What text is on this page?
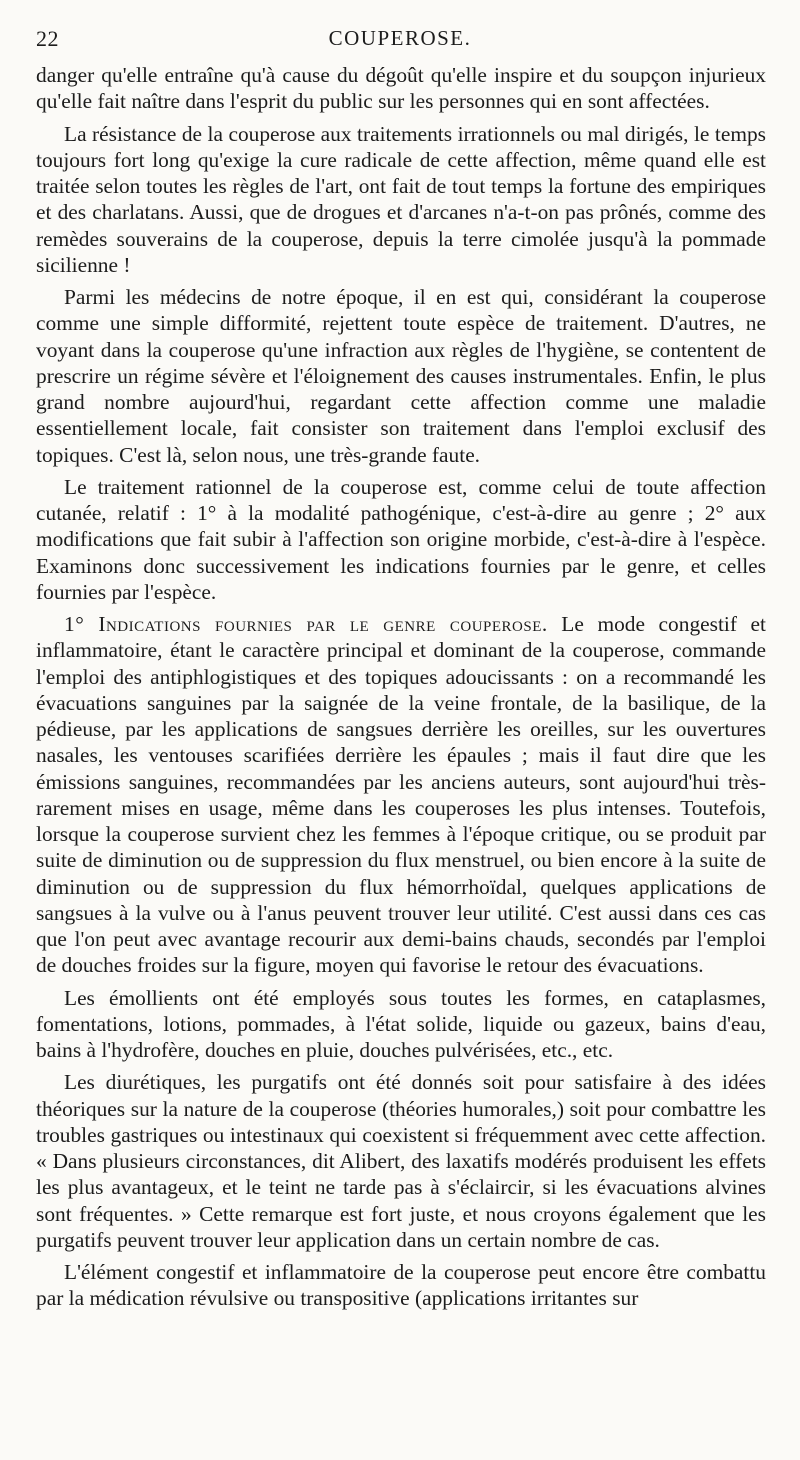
22	COUPEROSE.

danger qu'elle entraîne qu'à cause du dégoût qu'elle inspire et du soupçon injurieux qu'elle fait naître dans l'esprit du public sur les personnes qui en sont affectées.

La résistance de la couperose aux traitements irrationnels ou mal dirigés, le temps toujours fort long qu'exige la cure radicale de cette affection, même quand elle est traitée selon toutes les règles de l'art, ont fait de tout temps la fortune des empiriques et des charlatans. Aussi, que de drogues et d'arcanes n'a-t-on pas prônés, comme des remèdes souverains de la couperose, depuis la terre cimolée jusqu'à la pommade sicilienne !

Parmi les médecins de notre époque, il en est qui, considérant la couperose comme une simple difformité, rejettent toute espèce de traitement. D'autres, ne voyant dans la couperose qu'une infraction aux règles de l'hygiène, se contentent de prescrire un régime sévère et l'éloignement des causes instrumentales. Enfin, le plus grand nombre aujourd'hui, regardant cette affection comme une maladie essentiellement locale, fait consister son traitement dans l'emploi exclusif des topiques. C'est là, selon nous, une très-grande faute.

Le traitement rationnel de la couperose est, comme celui de toute affection cutanée, relatif : 1° à la modalité pathogénique, c'est-à-dire au genre ; 2° aux modifications que fait subir à l'affection son origine morbide, c'est-à-dire à l'espèce. Examinons donc successivement les indications fournies par le genre, et celles fournies par l'espèce.

1° Indications fournies par le genre couperose. Le mode congestif et inflammatoire, étant le caractère principal et dominant de la couperose, commande l'emploi des antiphlogistiques et des topiques adoucissants : on a recommandé les évacuations sanguines par la saignée de la veine frontale, de la basilique, de la pédieuse, par les applications de sangsues derrière les oreilles, sur les ouvertures nasales, les ventouses scarifiées derrière les épaules ; mais il faut dire que les émissions sanguines, recommandées par les anciens auteurs, sont aujourd'hui très-rarement mises en usage, même dans les couperoses les plus intenses. Toutefois, lorsque la couperose survient chez les femmes à l'époque critique, ou se produit par suite de diminution ou de suppression du flux menstruel, ou bien encore à la suite de diminution ou de suppression du flux hémorrhoïdal, quelques applications de sangsues à la vulve ou à l'anus peuvent trouver leur utilité. C'est aussi dans ces cas que l'on peut avec avantage recourir aux demi-bains chauds, secondés par l'emploi de douches froides sur la figure, moyen qui favorise le retour des évacuations.

Les émollients ont été employés sous toutes les formes, en cataplasmes, fomentations, lotions, pommades, à l'état solide, liquide ou gazeux, bains d'eau, bains à l'hydrofère, douches en pluie, douches pulvérisées, etc., etc.

Les diurétiques, les purgatifs ont été donnés soit pour satisfaire à des idées théoriques sur la nature de la couperose (théories humorales,) soit pour combattre les troubles gastriques ou intestinaux qui coexistent si fréquemment avec cette affection. « Dans plusieurs circonstances, dit Alibert, des laxatifs modérés produisent les effets les plus avantageux, et le teint ne tarde pas à s'éclaircir, si les évacuations alvines sont fréquentes. » Cette remarque est fort juste, et nous croyons également que les purgatifs peuvent trouver leur application dans un certain nombre de cas.

L'élément congestif et inflammatoire de la couperose peut encore être combattu par la médication révulsive ou transpositive (applications irritantes sur
